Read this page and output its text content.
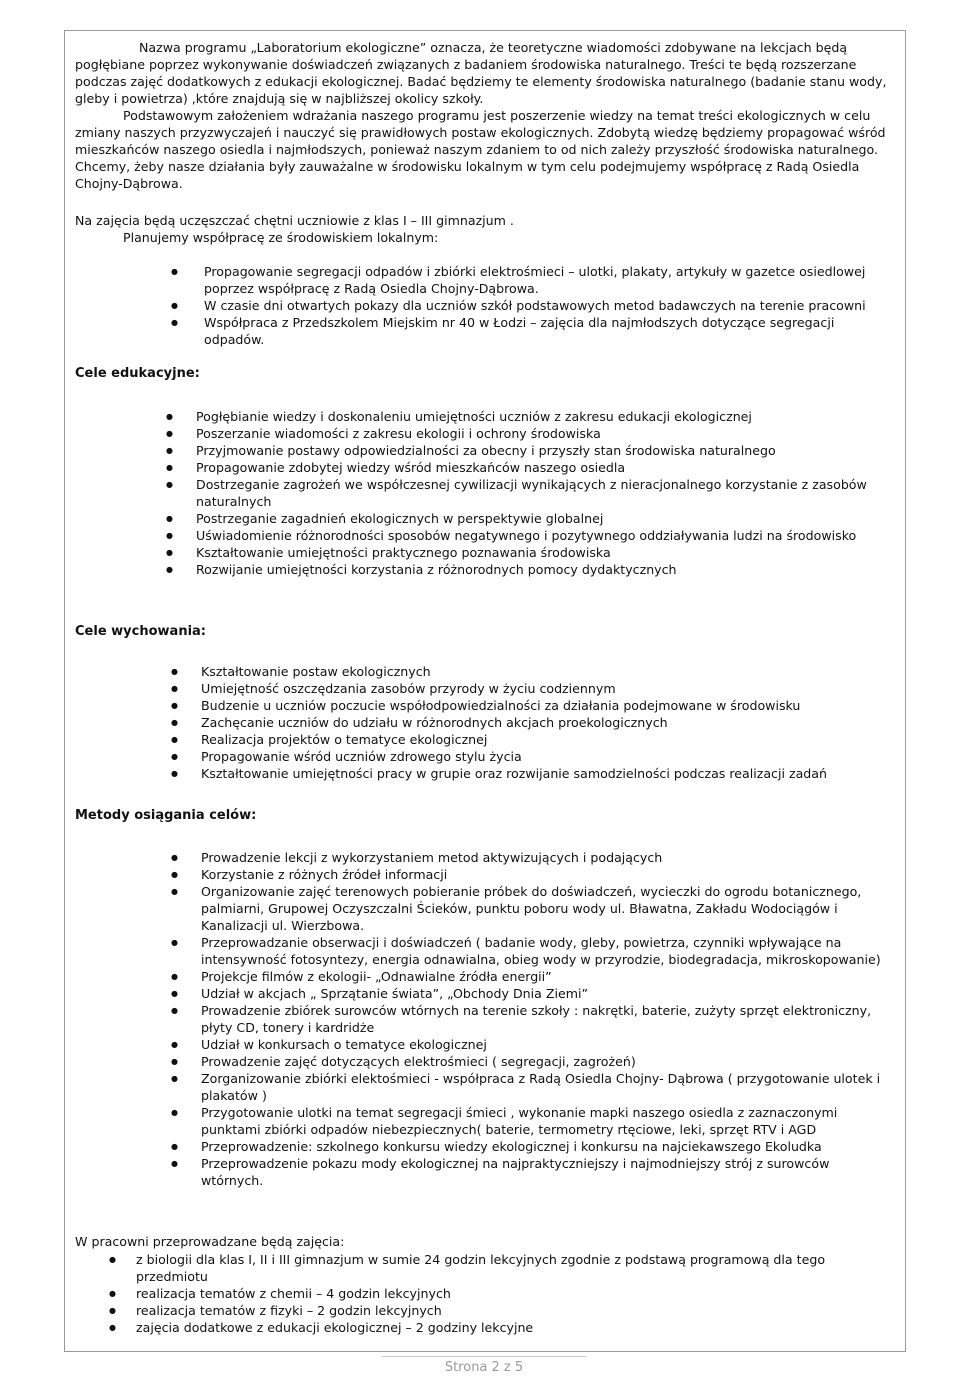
Nazwa programu „Laboratorium ekologiczne” oznacza, że teoretyczne wiadomości zdobywane na lekcjach będą pogłębiane poprzez wykonywanie doświadczeń związanych z badaniem środowiska naturalnego. Treści te będą rozszerzane podczas zajęć dodatkowych z edukacji ekologicznej. Badać będziemy te elementy środowiska naturalnego (badanie stanu wody, gleby i powietrza) ,które znajdują się w najbliższej okolicy szkoły.

Podstawowym założeniem wdrażania naszego programu jest poszerzenie wiedzy na temat treści ekologicznych w celu zmiany naszych przyzwyczajeń i nauczyć się prawidłowych postaw ekologicznych. Zdobytą wiedzę będziemy propagować wśród mieszkańców naszego osiedla i najmłodszych, ponieważ naszym zdaniem to od nich zależy przyszłość środowiska naturalnego. Chcemy, żeby nasze działania były zauważalne w środowisku lokalnym w tym celu podejmujemy współpracę z Radą Osiedla Chojny-Dąbrowa.

Na zajęcia będą uczęszczać chętni uczniowie z klas I – III gimnazjum .
Planujemy współpracę ze środowiskiem lokalnym:
● Propagowanie segregacji odpadów i zbiórki elektrośmieci – ulotki, plakaty, artykuły w gazetce osiedlowej poprzez współpracę z Radą Osiedla Chojny-Dąbrowa.
● W czasie dni otwartych pokazy dla uczniów szkół podstawowych metod badawczych na terenie pracowni
● Współpraca z Przedszkolem Miejskim nr 40 w Łodzi – zajęcia dla najmłodszych dotyczące segregacji odpadów.
Cele edukacyjne:
● Pogłębianie wiedzy i doskonaleniu umiejętności uczniów z zakresu edukacji ekologicznej
● Poszerzanie wiadomości z zakresu ekologii i ochrony środowiska
● Przyjmowanie postawy odpowiedzialności za obecny i przyszły stan środowiska naturalnego
● Propagowanie zdobytej wiedzy wśród mieszkańców naszego osiedla
● Dostrzeganie zagrożeń we współczesnej cywilizacji wynikających z nieracjonalnego korzystanie z zasobów naturalnych
● Postrzeganie zagadnień ekologicznych w perspektywie globalnej
● Uświadomienie różnorodności sposobów negatywnego i pozytywnego oddziaływania ludzi na środowisko
● Kształtowanie umiejętności praktycznego poznawania środowiska
● Rozwijanie umiejętności korzystania z różnorodnych pomocy dydaktycznych
Cele wychowania:
● Kształtowanie postaw ekologicznych
● Umiejętność oszczędzania zasobów przyrody w życiu codziennym
● Budzenie u uczniów poczucie współodpowiedzialności za działania podejmowane w środowisku
● Zachęcanie uczniów do udziału w różnorodnych akcjach proekologicznych
● Realizacja projektów o tematyce ekologicznej
● Propagowanie wśród uczniów zdrowego stylu życia
● Kształtowanie umiejętności pracy w grupie oraz rozwijanie samodzielności podczas realizacji zadań
Metody osiągania celów:
● Prowadzenie lekcji z wykorzystaniem metod aktywizujących i podających
● Korzystanie z różnych źródeł informacji
● Organizowanie zajęć terenowych pobieranie próbek do doświadczeń, wycieczki do ogrodu botanicznego, palmiarni, Grupowej Oczyszczalni Ścieków, punktu poboru wody ul. Bławatna, Zakładu Wodociągów i Kanalizacji ul. Wierzbowa.
● Przeprowadzanie obserwacji i doświadczeń ( badanie wody, gleby, powietrza, czynniki wpływające na intensywność fotosyntezy, energia odnawialna, obieg wody w przyrodzie, biodegradacja, mikroskopowanie)
● Projekcje filmów z ekologii- „Odnawialne źródła energii”
● Udział w akcjach „ Sprzątanie świata”, „Obchody Dnia Ziemi”
● Prowadzenie zbiórek surowców wtórnych na terenie szkoły : nakrętki, baterie, zużyty sprzęt elektroniczny, płyty CD, tonery i kardridże
● Udział w konkursach o tematyce ekologicznej
● Prowadzenie zajęć dotyczących elektrośmieci ( segregacji, zagrożeń)
● Zorganizowanie zbiórki elektośmieci - współpraca z Radą Osiedla Chojny- Dąbrowa ( przygotowanie ulotek i plakatów )
● Przygotowanie ulotki na temat segregacji śmieci , wykonanie mapki naszego osiedla z zaznaczonymi punktami zbiórki odpadów niebezpiecznych( baterie, termometry rtęciowe, leki, sprzęt RTV i AGD
● Przeprowadzenie: szkolnego konkursu wiedzy ekologicznej i konkursu na najciekawszego Ekoludka
● Przeprowadzenie pokazu mody ekologicznej na najpraktyczniejszy i najmodniejszy strój z surowców wtórnych.
W pracowni przeprowadzane będą zajęcia:
● z biologii dla klas I, II i III gimnazjum w sumie 24 godzin lekcyjnych zgodnie z podstawą programową dla tego przedmiotu
● realizacja tematów z chemii – 4 godzin lekcyjnych
● realizacja tematów z fizyki – 2 godzin lekcyjnych
● zajęcia dodatkowe z edukacji ekologicznej – 2 godziny lekcyjne
Strona 2 z 5
